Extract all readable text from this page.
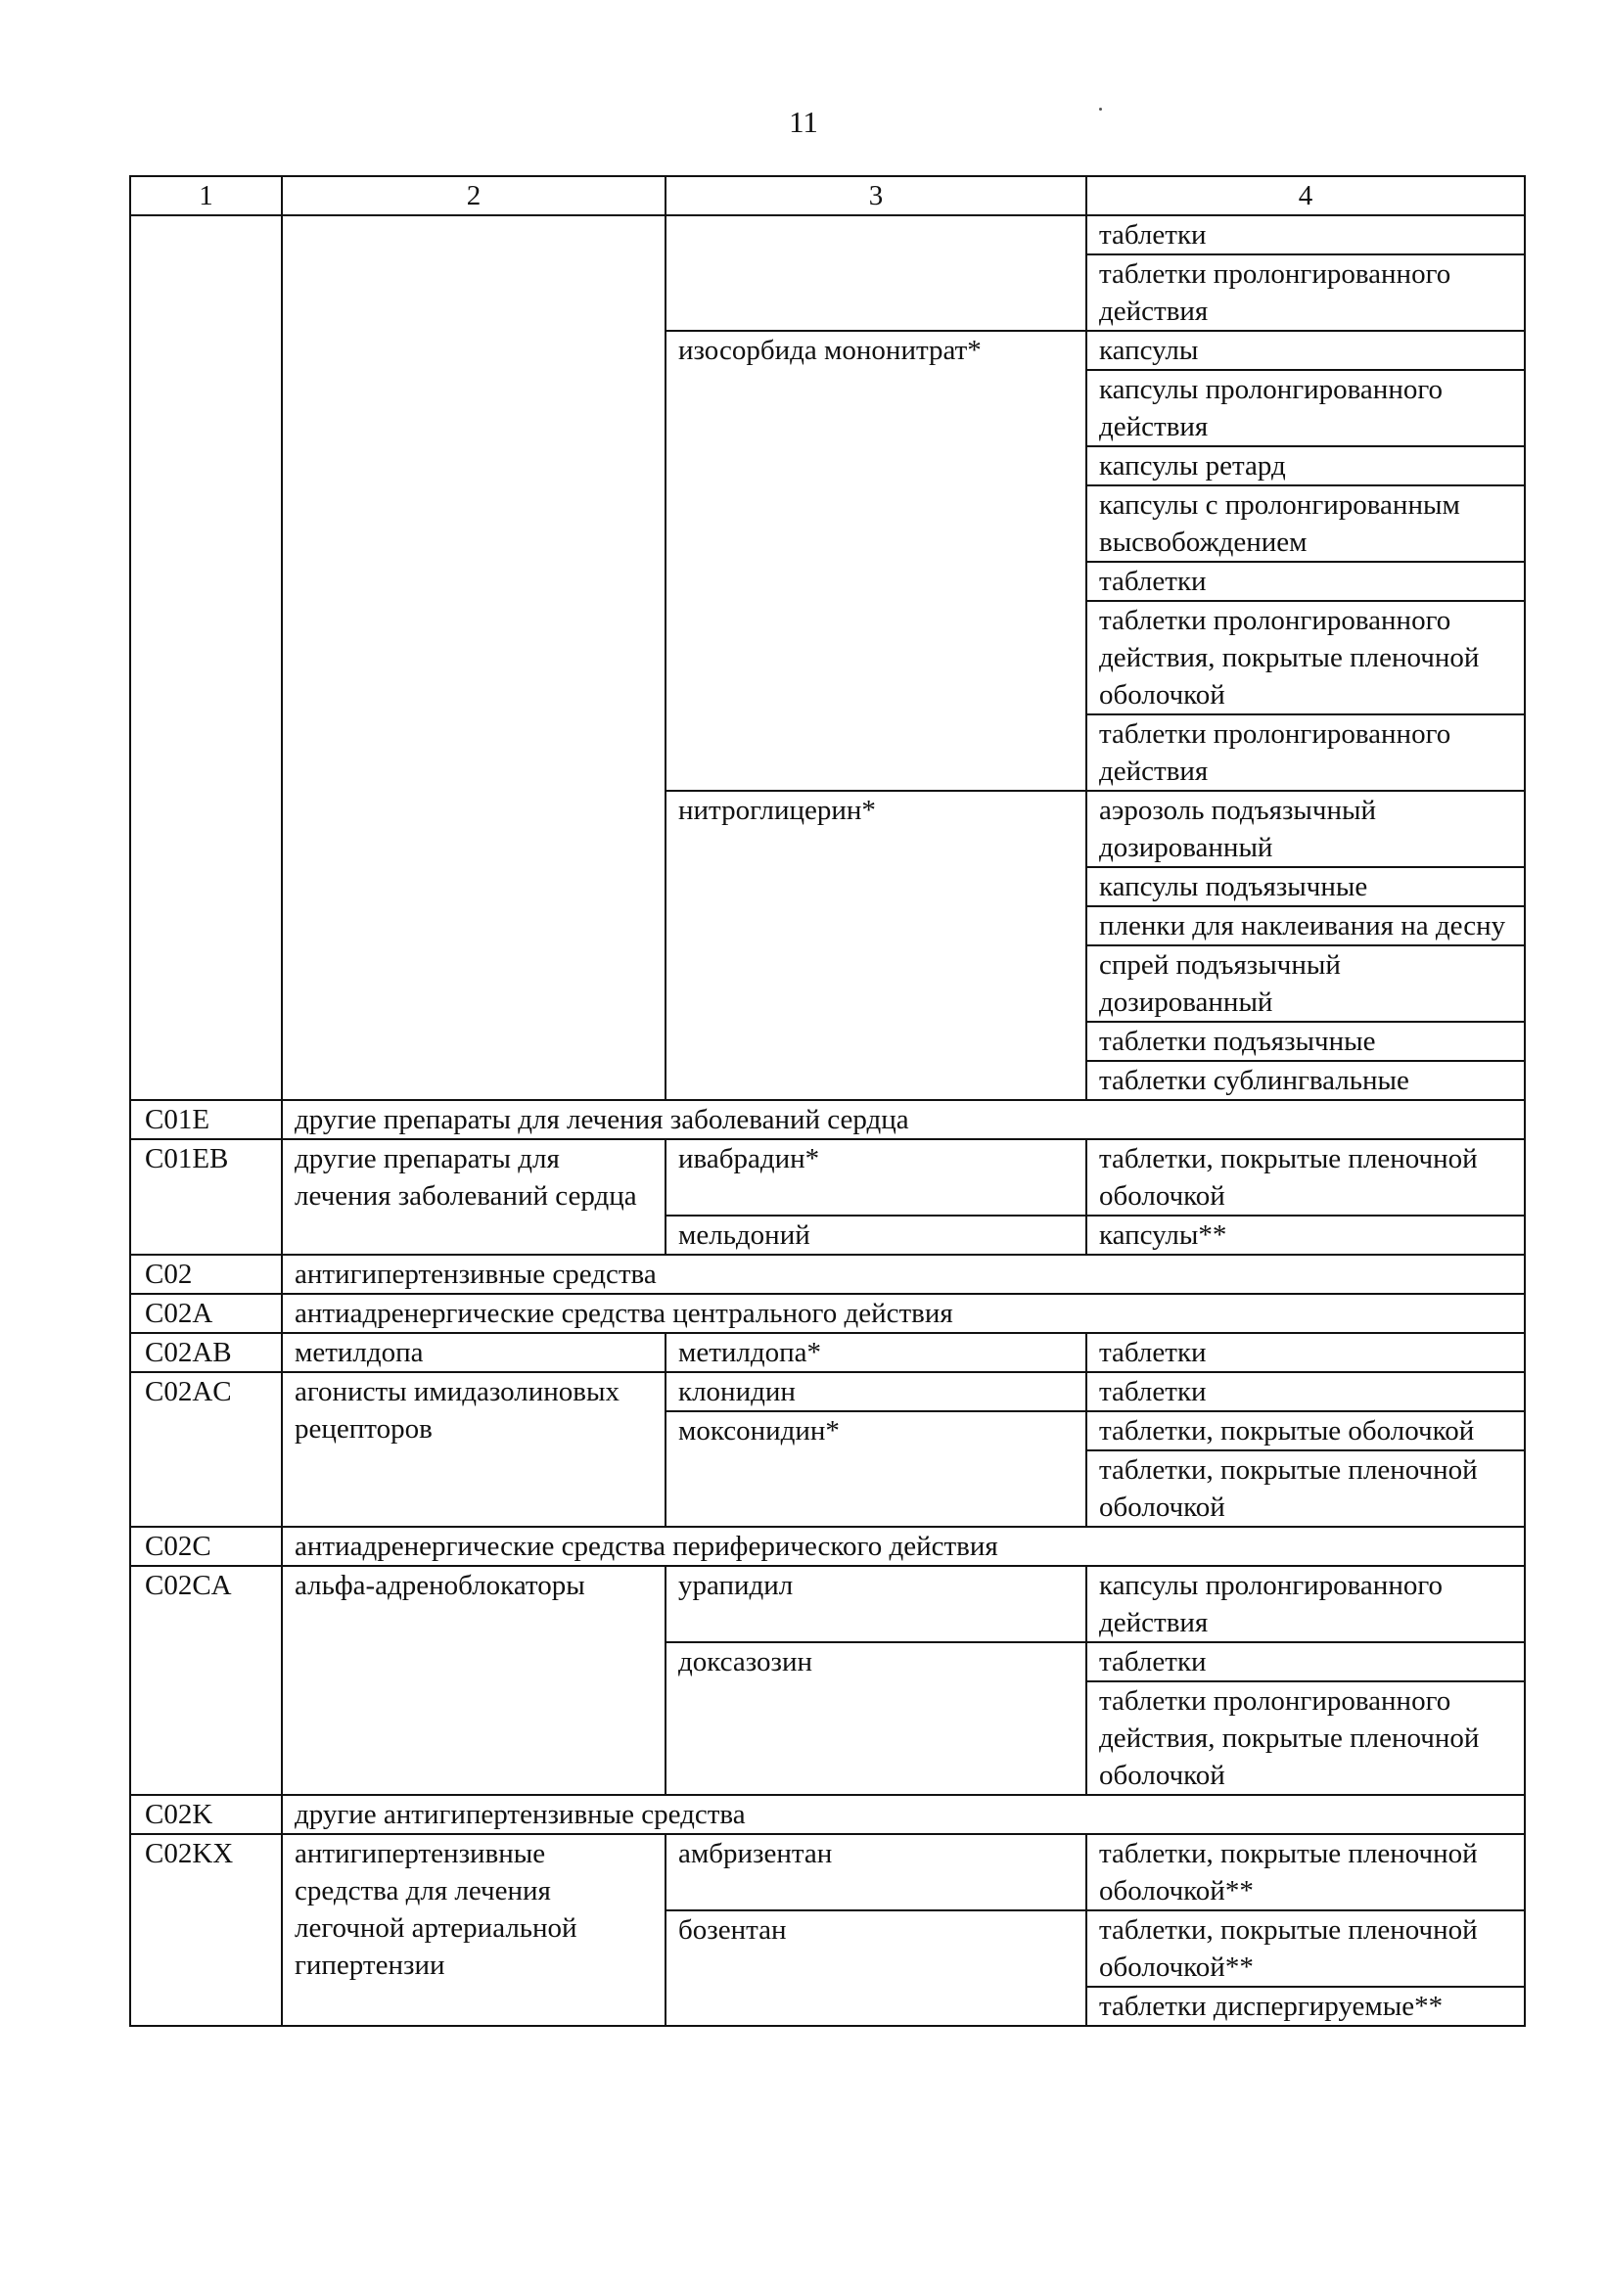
11
1	2	3	4
			таблетки
			таблетки пролонгированного действия
		изосорбида мононитрат*	капсулы
			капсулы пролонгированного действия
			капсулы ретард
			капсулы с пролонгированным высвобождением
			таблетки
			таблетки пролонгированного действия, покрытые пленочной оболочкой
			таблетки пролонгированного действия
		нитроглицерин*	аэрозоль подъязычный дозированный
			капсулы подъязычные
			пленки для наклеивания на десну
			спрей подъязычный дозированный
			таблетки подъязычные
			таблетки сублингвальные
C01E	другие препараты для лечения заболеваний сердца		
C01EB	другие препараты для лечения заболеваний сердца	ивабрадин*	таблетки, покрытые пленочной оболочкой
		мельдоний	капсулы**
C02	антигипертензивные средства		
C02A	антиадренергические средства центрального действия		
C02AB	метилдопа	метилдопа*	таблетки
C02AC	агонисты имидазолиновых рецепторов	клонидин	таблетки
		моксонидин*	таблетки, покрытые оболочкой
			таблетки, покрытые пленочной оболочкой
C02C	антиадренергические средства периферического действия		
C02CA	альфа-адреноблокаторы	урапидил	капсулы пролонгированного действия
		доксазозин	таблетки
			таблетки пролонгированного действия, покрытые пленочной оболочкой
C02K	другие антигипертензивные средства		
C02KX	антигипертензивные средства для лечения легочной артериальной гипертензии	амбризентан	таблетки, покрытые пленочной оболочкой**
		бозентан	таблетки, покрытые пленочной оболочкой**
			таблетки диспергируемые**
